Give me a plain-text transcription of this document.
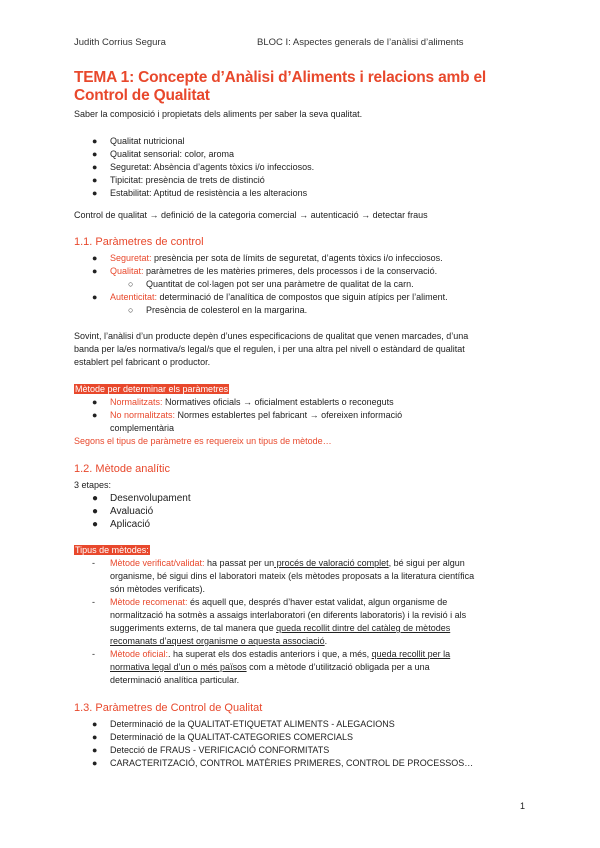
Judith Corrius Segura	BLOC I: Aspectes generals de l’anàlisi d’aliments
TEMA 1: Concepte d’Anàlisi d’Aliments i relacions amb el Control de Qualitat
Saber la composició i propietats dels aliments per saber la seva qualitat.
● Qualitat nutricional
● Qualitat sensorial: color, aroma
● Seguretat: Absència d’agents tòxics i/o infecciosos.
● Tipicitat: presència de trets de distinció
● Estabilitat: Aptitud de resistència a les alteracions
Control de qualitat → definició de la categoria comercial → autenticació → detectar fraus
1.1. Paràmetres de control
● Seguretat: presència per sota de límits de seguretat, d’agents tòxics i/o infecciosos.
● Qualitat: paràmetres de les matèries primeres, dels processos i de la conservació.
○ Quantitat de col·lagen pot ser una paràmetre de qualitat de la carn.
● Autenticitat: determinació de l’analítica de compostos que siguin atípics per l’aliment.
○ Presència de colesterol en la margarina.
Sovint, l’anàlisi d’un producte depèn d’unes especificacions de qualitat que venen marcades, d’una
banda per la/es normativa/s legal/s que el regulen, i per una altra pel nivell o estàndard de qualitat
establert pel fabricant o productor.
Mètode per determinar els paràmetres
● Normalitzats: Normatives oficials → oficialment establerts o reconeguts
● No normalitzats: Normes establertes pel fabricant → ofereixen informació
complementària
Segons el tipus de paràmetre es requereix un tipus de mètode…
1.2. Mètode analític
3 etapes:
● Desenvolupament
● Avaluació
● Aplicació
Tipus de mètodes:
- Mètode verificat/validat: ha passat per un procés de valoració complet, bé sigui per algun
organisme, bé sigui dins el laboratori mateix (els mètodes proposats a la literatura científica
són mètodes verificats).
- Mètode recomenat: és aquell que, després d’haver estat validat, algun organisme de
normalització ha sotmès a assaigs interlaboratori (en diferents laboratoris) i la revisió i als
suggeriments externs, de tal manera que queda recollit dintre del catàleg de mètodes
recomanats d’aquest organisme o aquesta associació.
- Mètode oficial:. ha superat els dos estadis anteriors i que, a més, queda recollit per la
normativa legal d’un o més països com a mètode d’utilització obligada per a una
determinació analítica particular.
1.3. Paràmetres de Control de Qualitat
● Determinació de la QUALITAT-ETIQUETAT ALIMENTS - ALEGACIONS
● Determinació de la QUALITAT-CATEGORIES COMERCIALS
● Detecció de FRAUS - VERIFICACIÓ CONFORMITATS
● CARACTERITZACIÓ, CONTROL MATÈRIES PRIMERES, CONTROL DE PROCESSOS…
1
